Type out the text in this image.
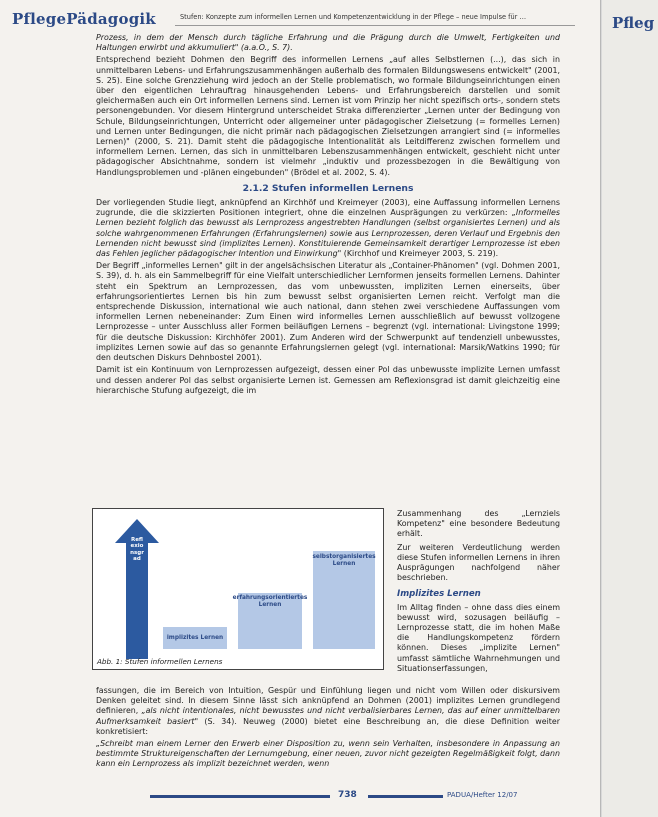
PflegePädagogik	Stufen: Konzepte zum informellen Lernen und Kompetenzentwicklung in der Pflege – neue Impulse für …

Prozess, in dem der Mensch durch tägliche Erfahrung und die Prägung durch die Umwelt, Fertigkeiten und Haltungen erwirbt und akkumuliert" (a.a.O., S. 7).

Entsprechend bezieht Dohmen den Begriff des informellen Lernens „auf alles Selbstlernen (...), das sich in unmittelbaren Lebens- und Erfahrungszusammenhängen außerhalb des formalen Bildungswesens entwickelt" (2001, S. 25). Eine solche Grenzziehung wird jedoch an der Stelle problematisch, wo formale Bildungseinrichtungen einen über den eigentlichen Lehrauftrag hinausgehenden Lebens- und Erfahrungsbereich darstellen und somit gleichermaßen auch ein Ort informellen Lernens sind. Lernen ist vom Prinzip her nicht spezifisch orts-, sondern stets personengebunden. Vor diesem Hintergrund unterscheidet Straka differenzierter „Lernen unter der Bedingung von Schule, Bildungseinrichtungen, Unterricht oder allgemeiner unter pädagogischer Zielsetzung (= formelles Lernen) und Lernen unter Bedingungen, die nicht primär nach pädagogischen Zielsetzungen arrangiert sind (= informelles Lernen)" (2000, S. 21). Damit steht die pädagogische Intentionalität als Leitdifferenz zwischen formellem und informellem Lernen. Lernen, das sich in unmittelbaren Lebenszusammenhängen entwickelt, geschieht nicht unter pädagogischer Absichtnahme, sondern ist vielmehr „induktiv und prozessbezogen in die Bewältigung von Handlungsproblemen und -plänen eingebunden" (Brödel et al. 2002, S. 4).

2.1.2 Stufen informellen Lernens

Der vorliegenden Studie liegt, anknüpfend an Kirchhöf und Kreimeyer (2003), eine Auffassung informellen Lernens zugrunde, die die skizzierten Positionen integriert, ohne die einzelnen Ausprägungen zu verkürzen: „Informelles Lernen bezieht folglich das bewusst als Lernprozess angestrebten Handlungen (selbst organisiertes Lernen) und als solche wahrgenommenen Erfahrungen (Erfahrungslernen) sowie aus Lernprozessen, deren Verlauf und Ergebnis den Lernenden nicht bewusst sind (implizites Lernen). Konstituierende Gemeinsamkeit derartiger Lernprozesse ist eben das Fehlen jeglicher pädagogischer Intention und Einwirkung" (Kirchhof und Kreimeyer 2003, S. 219).

Der Begriff „informelles Lernen" gilt in der angelsächsischen Literatur als „Container-Phänomen" (vgl. Dohmen 2001, S. 39), d. h. als ein Sammelbegriff für eine Vielfalt unterschiedlicher Lernformen jenseits formellen Lernens. Dahinter steht ein Spektrum an Lernprozessen, das vom unbewussten, impliziten Lernen einerseits, über erfahrungsorientiertes Lernen bis hin zum bewusst selbst organisierten Lernen reicht. Verfolgt man die entsprechende Diskussion, international wie auch national, dann stehen zwei verschiedene Auffassungen vom informellen Lernen nebeneinander: Zum Einen wird informelles Lernen ausschließlich auf bewusst vollzogene Lernprozesse – unter Ausschluss aller Formen beiläufigen Lernens – begrenzt (vgl. international: Livingstone 1999; für die deutsche Diskussion: Kirchhöfer 2001). Zum Anderen wird der Schwerpunkt auf tendenziell unbewusstes, implizites Lernen sowie auf das so genannte Erfahrungslernen gelegt (vgl. international: Marsik/Watkins 1990; für den deutschen Diskurs Dehnbostel 2001).

Damit ist ein Kontinuum von Lernprozessen aufgezeigt, dessen einer Pol das unbewusste implizite Lernen umfasst und dessen anderer Pol das selbst organisierte Lernen ist. Gemessen am Reflexionsgrad ist damit gleichzeitig eine hierarchische Stufung aufgezeigt, die im

Reflexionsgrad
implizites Lernen
erfahrungsorientiertes Lernen
selbstorganisiertes Lernen
Abb. 1: Stufen informellen Lernens

Zusammenhang des „Lernziels Kompetenz" eine besondere Bedeutung erhält.

Zur weiteren Verdeutlichung werden diese Stufen informellen Lernens in ihren Ausprägungen nachfolgend näher beschrieben.

Implizites Lernen

Im Alltag finden – ohne dass dies einem bewusst wird, sozusagen beiläufig – Lernprozesse statt, die im hohen Maße die Handlungskompetenz fördern können. Dieses „implizite Lernen" umfasst sämtliche Wahrnehmungen und Situationserfassungen,

fassungen, die im Bereich von Intuition, Gespür und Einfühlung liegen und nicht vom Willen oder diskursivem Denken geleitet sind. In diesem Sinne lässt sich anknüpfend an Dohmen (2001) implizites Lernen grundlegend definieren, „als nicht intentionales, nicht bewusstes und nicht verbalisierbares Lernen, das auf einer unmittelbaren Aufmerksamkeit basiert" (S. 34). Neuweg (2000) bietet eine Beschreibung an, die diese Definition weiter konkretisiert:

„Schreibt man einem Lerner den Erwerb einer Disposition zu, wenn sein Verhalten, insbesondere in Anpassung an bestimmte Struktureigenschaften der Lernumgebung, einer neuen, zuvor nicht gezeigten Regelmäßigkeit folgt, dann kann ein Lernprozess als implizit bezeichnet werden, wenn

738	PADUA/Hefter 12/07
Pfleg
